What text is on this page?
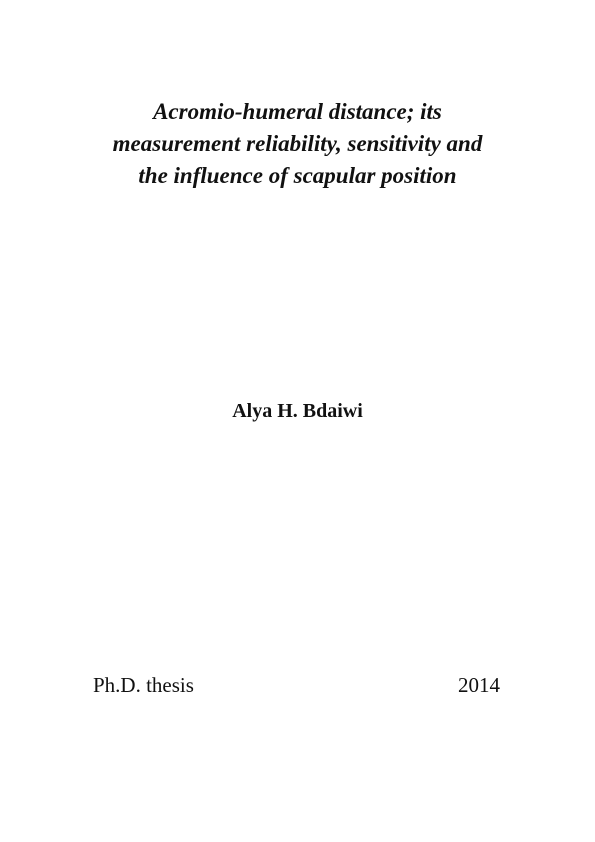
Acromio-humeral distance; its
measurement reliability, sensitivity and
the influence of scapular position
Alya H. Bdaiwi
Ph.D. thesis	2014
